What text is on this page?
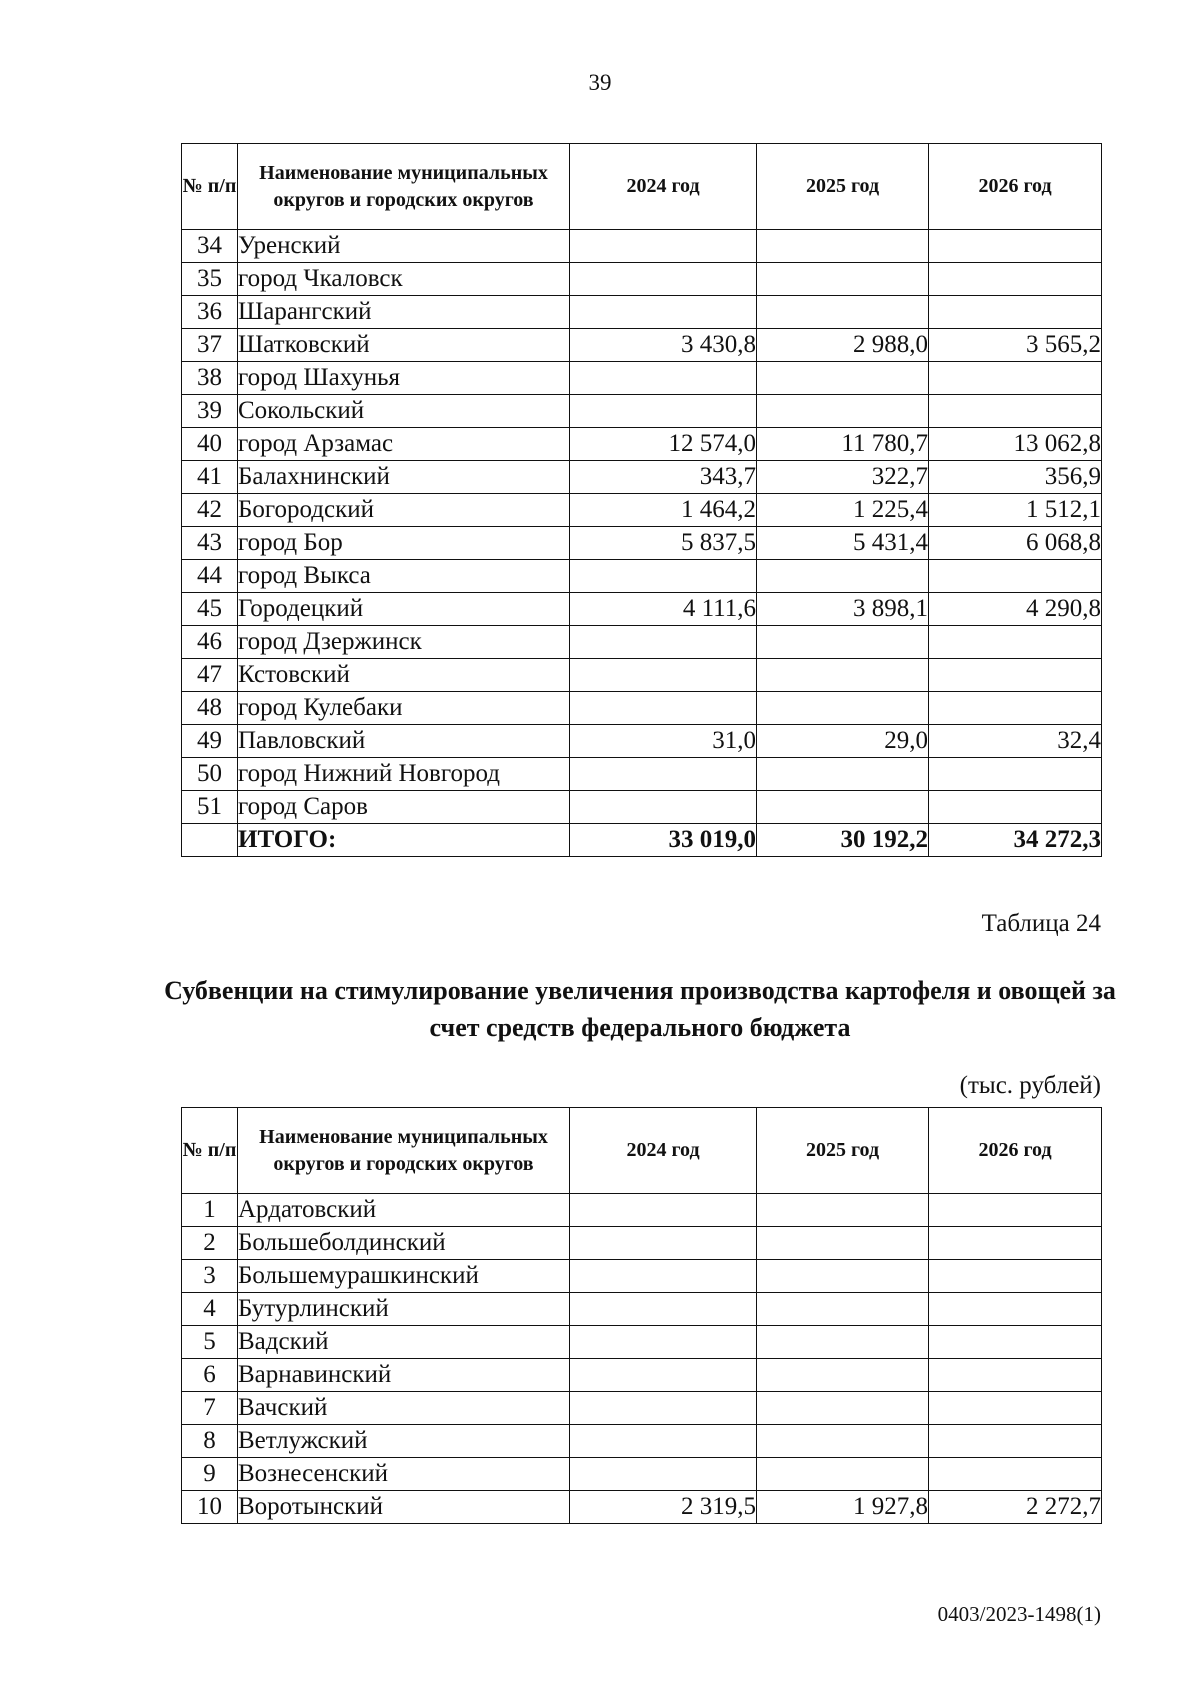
39
№ п/п	Наименование муниципальных округов и городских округов	2024 год	2025 год	2026 год
34	Уренский			
35	город Чкаловск			
36	Шарангский			
37	Шатковский	3 430,8	2 988,0	3 565,2
38	город Шахунья			
39	Сокольский			
40	город Арзамас	12 574,0	11 780,7	13 062,8
41	Балахнинский	343,7	322,7	356,9
42	Богородский	1 464,2	1 225,4	1 512,1
43	город Бор	5 837,5	5 431,4	6 068,8
44	город Выкса			
45	Городецкий	4 111,6	3 898,1	4 290,8
46	город Дзержинск			
47	Кстовский			
48	город Кулебаки			
49	Павловский	31,0	29,0	32,4
50	город Нижний Новгород			
51	город Саров			
	ИТОГО:	33 019,0	30 192,2	34 272,3
Таблица 24
Субвенции на стимулирование увеличения производства картофеля и овощей за счет средств федерального бюджета
(тыс. рублей)
№ п/п	Наименование муниципальных округов и городских округов	2024 год	2025 год	2026 год
1	Ардатовский			
2	Большеболдинский			
3	Большемурашкинский			
4	Бутурлинский			
5	Вадский			
6	Варнавинский			
7	Вачский			
8	Ветлужский			
9	Вознесенский			
10	Воротынский	2 319,5	1 927,8	2 272,7
0403/2023-1498(1)
